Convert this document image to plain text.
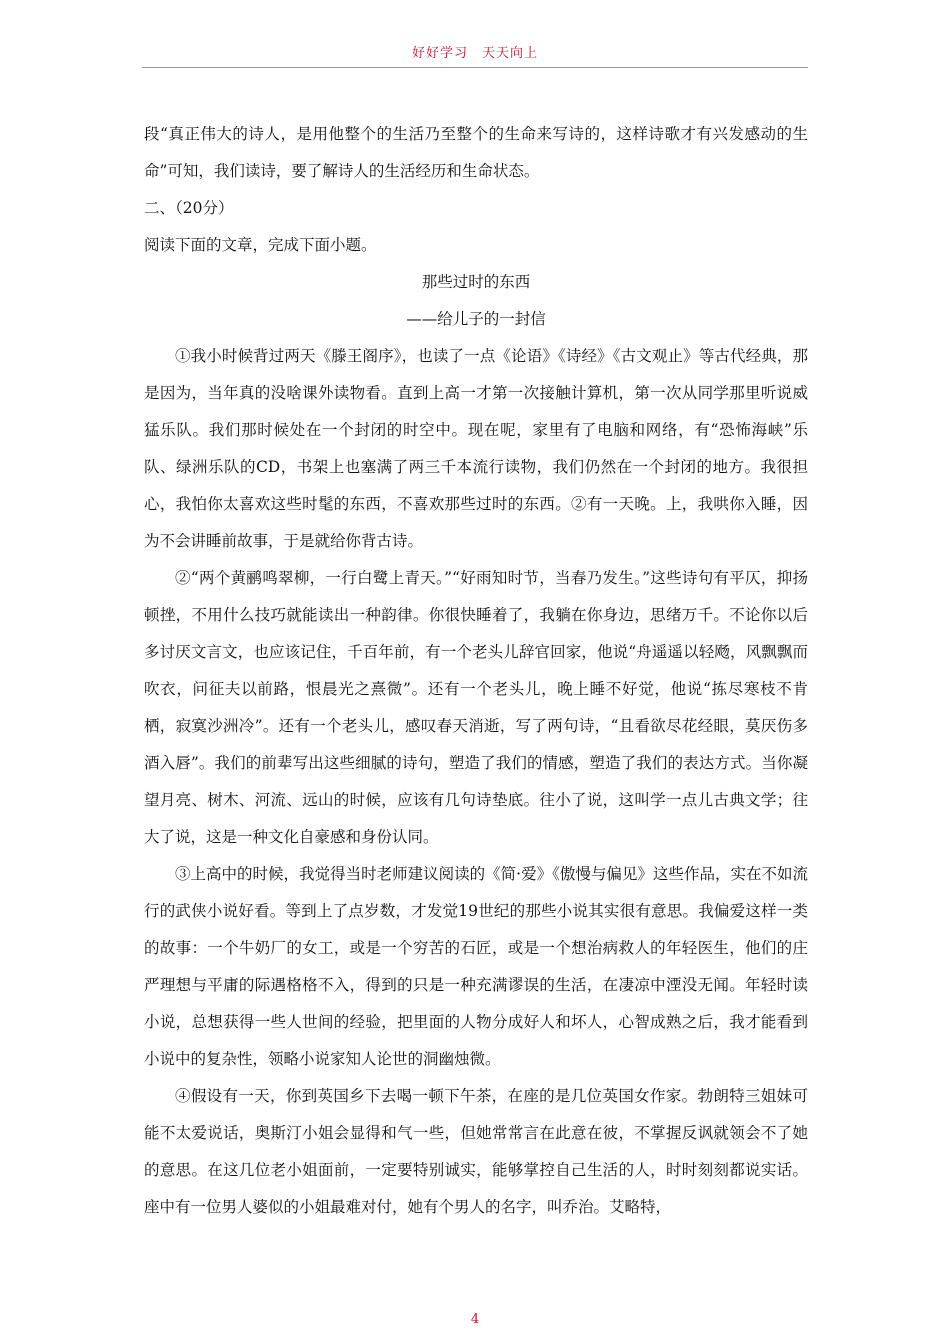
好好学习　天天向上

段“真正伟大的诗人，是用他整个的生活乃至整个的生命来写诗的，这样诗歌才有兴发感动的生命”可知，我们读诗，要了解诗人的生活经历和生命状态。

二、（20分）

阅读下面的文章，完成下面小题。

那些过时的东西

——给儿子的一封信

①我小时候背过两天《滕王阁序》，也读了一点《论语》《诗经》《古文观止》等古代经典，那是因为，当年真的没啥课外读物看。直到上高一才第一次接触计算机，第一次从同学那里听说威猛乐队。我们那时候处在一个封闭的时空中。现在呢，家里有了电脑和网络，有“恐怖海峡”乐队、绿洲乐队的CD，书架上也塞满了两三千本流行读物，我们仍然在一个封闭的地方。我很担心，我怕你太喜欢这些时髦的东西，不喜欢那些过时的东西。②有一天晚。上，我哄你入睡，因为不会讲睡前故事，于是就给你背古诗。

②“两个黄鹂鸣翠柳，一行白鹭上青天。”“好雨知时节，当春乃发生。”这些诗句有平仄，抑扬顿挫，不用什么技巧就能读出一种韵律。你很快睡着了，我躺在你身边，思绪万千。不论你以后多讨厌文言文，也应该记住，千百年前，有一个老头儿辞官回家，他说“舟遥遥以轻飏，风飘飘而吹衣，问征夫以前路，恨晨光之熹微”。还有一个老头儿，晚上睡不好觉，他说“拣尽寒枝不肯栖，寂寞沙洲冷”。还有一个老头儿，感叹春天消逝，写了两句诗，“且看欲尽花经眼，莫厌伤多酒入唇”。我们的前辈写出这些细腻的诗句，塑造了我们的情感，塑造了我们的表达方式。当你凝望月亮、树木、河流、远山的时候，应该有几句诗垫底。往小了说，这叫学一点儿古典文学；往大了说，这是一种文化自豪感和身份认同。

③上高中的时候，我觉得当时老师建议阅读的《简·爱》《傲慢与偏见》这些作品，实在不如流行的武侠小说好看。等到上了点岁数，才发觉19世纪的那些小说其实很有意思。我偏爱这样一类的故事：一个牛奶厂的女工，或是一个穷苦的石匠，或是一个想治病救人的年轻医生，他们的庄严理想与平庸的际遇格格不入，得到的只是一种充满谬误的生活，在凄凉中湮没无闻。年轻时读小说，总想获得一些人世间的经验，把里面的人物分成好人和坏人，心智成熟之后，我才能看到小说中的复杂性，领略小说家知人论世的洞幽烛微。

④假设有一天，你到英国乡下去喝一顿下午茶，在座的是几位英国女作家。勃朗特三姐妹可能不太爱说话，奥斯汀小姐会显得和气一些，但她常常言在此意在彼，不掌握反讽就领会不了她的意思。在这几位老小姐面前，一定要特别诚实，能够掌控自己生活的人，时时刻刻都说实话。座中有一位男人婆似的小姐最难对付，她有个男人的名字，叫乔治。艾略特，

4
